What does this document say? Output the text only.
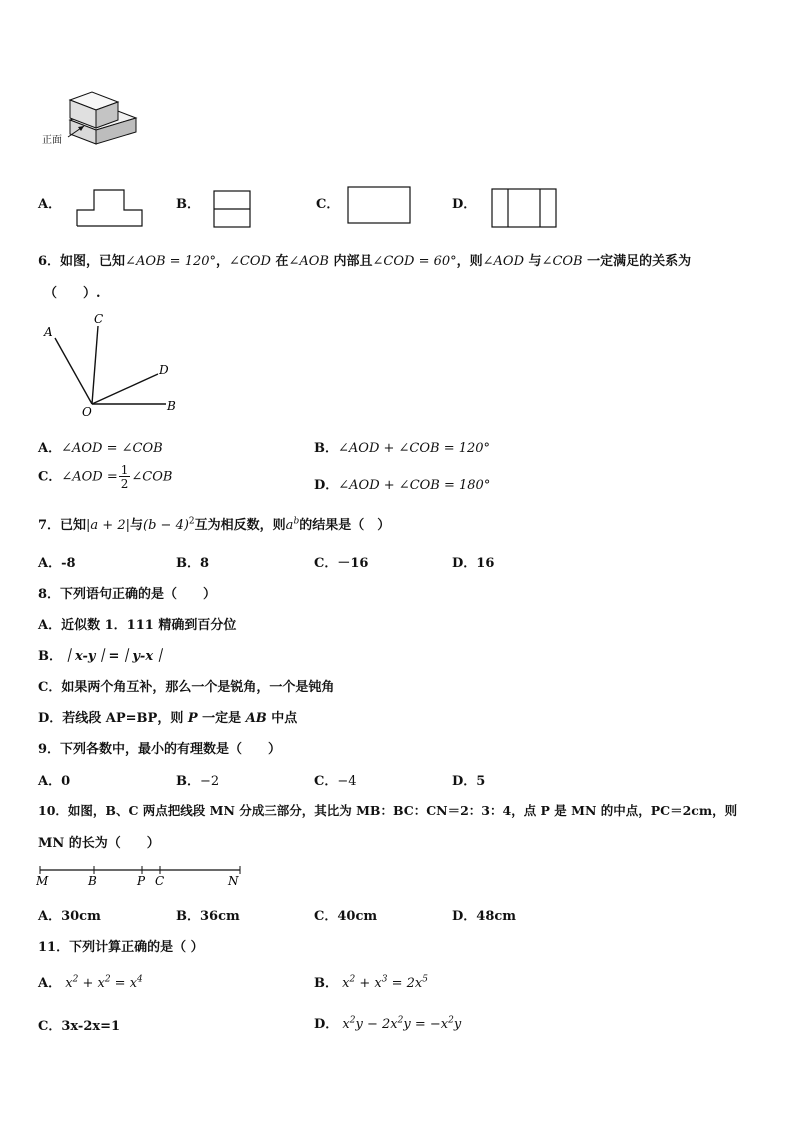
正面
A．	B．	C．	D．
6．如图，已知∠AOB = 120°，∠COD 在∠AOB 内部且∠COD = 60°，则∠AOD 与∠COB 一定满足的关系为
（　　）.
A
C
D
O	B
A．∠AOD = ∠COB	B．∠AOD + ∠COB = 120°
C．∠AOD = $\frac{1}{2}$ ∠COB
D．∠AOD + ∠COB = 180°
7．已知|a + 2|与$(b - 4)^2$互为相反数，则$a^b$的结果是（　）
A．-8	B．8	C．－16	D．16
8．下列语句正确的是（　　）
A．近似数 1．111 精确到百分位
B．｜x-y｜=｜y-x｜
C．如果两个角互补，那么一个是锐角，一个是钝角
D．若线段 AP=BP，则 P 一定是 AB 中点
9．下列各数中，最小的有理数是（　　）
A．0	B．−2	C．−4	D．5
10．如图，B、C 两点把线段 MN 分成三部分，其比为 MB：BC：CN＝2：3：4，点 P 是 MN 的中点，PC＝2cm，则
MN 的长为（　　）
M	B	P C	N
A．30cm	B．36cm	C．40cm	D．48cm
11．下列计算正确的是（ ）
A． $x^2 + x^2 = x^4$	B． $x^2 + x^3 = 2x^5$
C．3x-2x=1	D． $x^2y - 2x^2y = -x^2y$
